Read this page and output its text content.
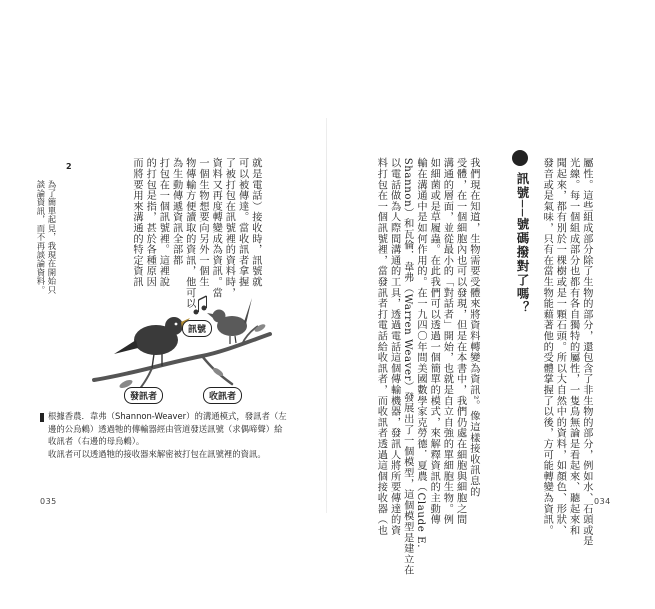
屬性。這些組成部分除了生物的部分，還包含了非生物的部分，例如水、石頭或是
光線。每一個組成部分也都有各自獨特的屬性，一隻鳥無論是看起來、聽起來和
聞起來，都有別於一棵樹或是一顆石頭。所以大自然中的資料，如顏色、形狀、
發音或是氣味，只有在當生物能藉著他的受體掌握了以後，方可能轉變為資訊。

訊號──號碼撥對了嗎？

我們現在知道，生物需要受體來將資料轉變為資訊²。像這樣接收訊息的
受體，在一個細胞內也可以發現，但是在本書中，我們仍處在細胞與細胞之間
溝通的層面，並從最小的「對話者」開始，也就是自立自強的單細胞生物。例
如細菌或是草履蟲。在此我們可以透過一個簡單的模式，來解釋資訊的主動傳
輸在溝通中是如何作用的。在一九四〇年間美國數學家克勞德．夏農（Claude E.
Shannon）和瓦倫．韋弗（Warren Weaver）發展出了一個模型，這個模型是建立在
以電話做為人際間溝通的工具，透過電話這個傳輸機器，發訊人將所要傳達的資
料打包在一個訊號裡，當發訊者打電話給收訊者，而收訊者透過這個接收器（也	034

就是電話）接收時，訊號就
可以被傳達。當收訊者拿握
了被打包在訊號裡的資料時，
資料又再度轉變成為資訊。當
一個生物想要向另外一個生
物傳輸方便讀取的資訊，他可以
為生動傳遞資訊全部都
打包在一個訊號裡。這裡說
的打包是指，甚於各種原因
而將要用來溝通的特定資訊

2

為了簡單起見，我現在開始只
談論資訊，而不再談論資料。

訊號
發訊者	收訊者
根據香農．韋弗（Shannon-Weaver）的溝通模式，發訊者（左
邊的公烏鶇）透過牠的傳輸器經由管道發送訊號（求偶啼聲）給
收訊者（右邊的母烏鶇）。
收訊者可以透過牠的接收器來解密被打包在訊號裡的資訊。
035
